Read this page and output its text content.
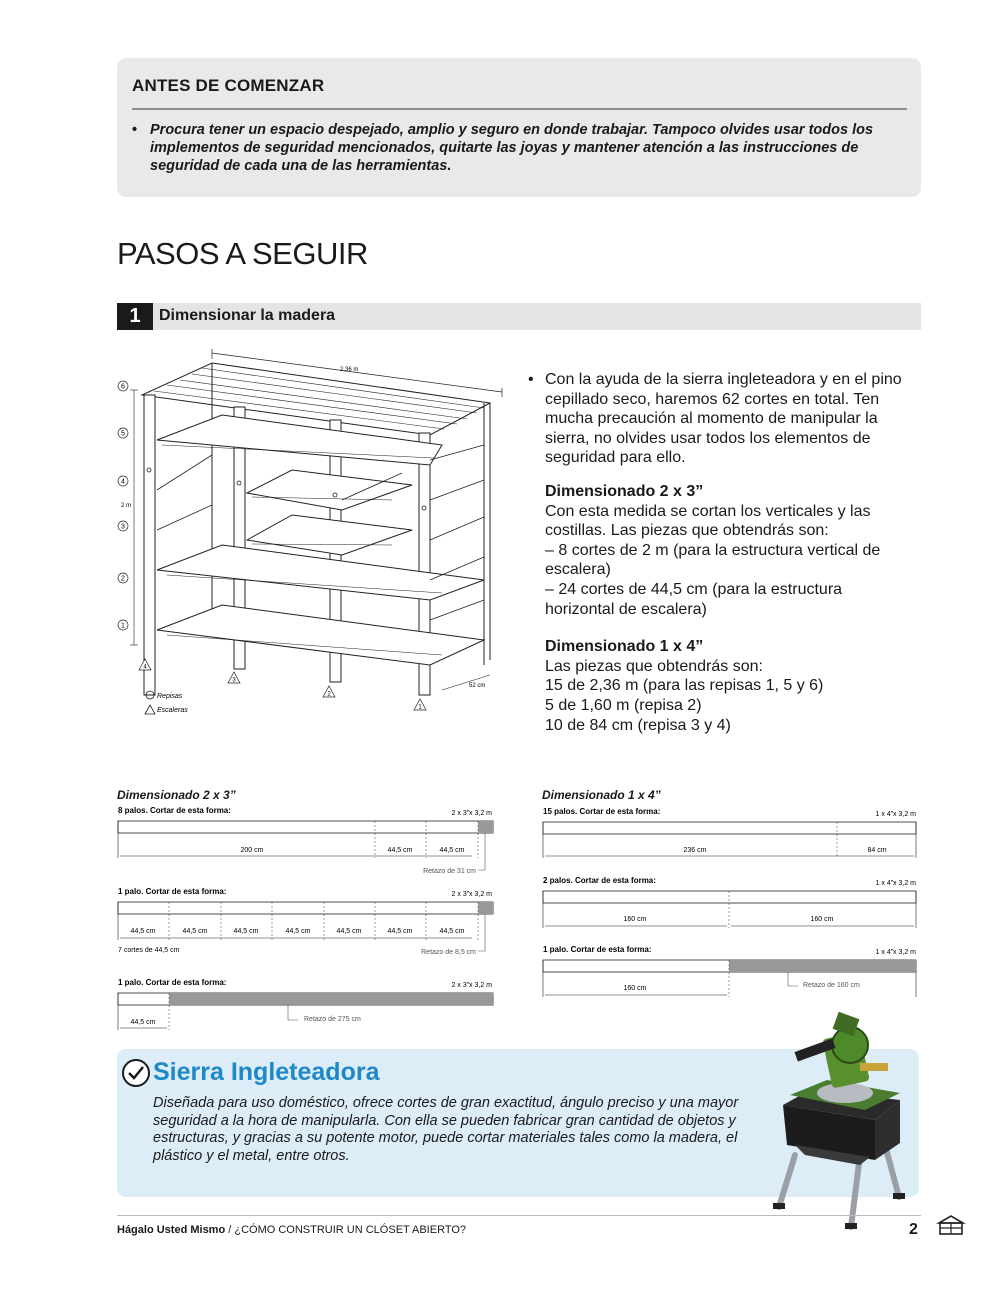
ANTES DE COMENZAR
• Procura tener un espacio despejado, amplio y seguro en donde trabajar. Tampoco olvides usar todos los implementos de seguridad mencionados, quitarte las joyas y mantener atención a las instrucciones de seguridad de cada una de las herramientas.

PASOS A SEGUIR
1	Dimensionar la madera
6
5
4
3
2
1
4
3
2
1
2,36 m
2 m
52 cm
Repisas
Escaleras
• Con la ayuda de la sierra ingleteadora y en el pino cepillado seco, haremos 62 cortes en total. Ten mucha precaución al momento de manipular la sierra, no olvides usar todos los elementos de seguridad para ello.

Dimensionado 2 x 3”

Con esta medida se cortan los verticales y las costillas. Las piezas que obtendrás son:

– 8 cortes de 2 m (para la estructura vertical de escalera)

– 24 cortes de 44,5 cm (para la estructura horizontal de escalera)

Dimensionado 1 x 4”

Las piezas que obtendrás son:

15 de 2,36 m (para las repisas 1, 5 y 6)

5 de 1,60 m (repisa 2)

10 de 84 cm (repisa 3 y 4)

Dimensionado 2 x 3”
8 palos. Cortar de esta forma:	2 x 3”x 3,2 m
200 cm	44,5 cm	44,5 cm
Retazo de 31 cm
1 palo. Cortar de esta forma:	2 x 3”x 3,2 m
44,5 cm	44,5 cm	44,5 cm	44,5 cm	44,5 cm	44,5 cm	44,5 cm
7 cortes de 44,5 cm	Retazo de 8,5 cm
1 palo. Cortar de esta forma:	2 x 3”x 3,2 m
44,5 cm	Retazo de 275 cm
Dimensionado 1 x 4”
15 palos. Cortar de esta forma:	1 x 4”x 3,2 m
236 cm	84 cm
2 palos. Cortar de esta forma:	1 x 4”x 3,2 m
160 cm	160 cm
1 palo. Cortar de esta forma:	1 x 4”x 3,2 m
160 cm	Retazo de 160 cm
Sierra Ingleteadora
Diseñada para uso doméstico, ofrece cortes de gran exactitud, ángulo preciso y una mayor seguridad a la hora de manipularla. Con ella se pueden fabricar gran cantidad de objetos y estructuras, y gracias a su potente motor, puede cortar materiales tales como la madera, el plástico y el metal, entre otros.
Hágalo Usted Mismo / ¿CÓMO CONSTRUIR UN CLÓSET ABIERTO?	2
